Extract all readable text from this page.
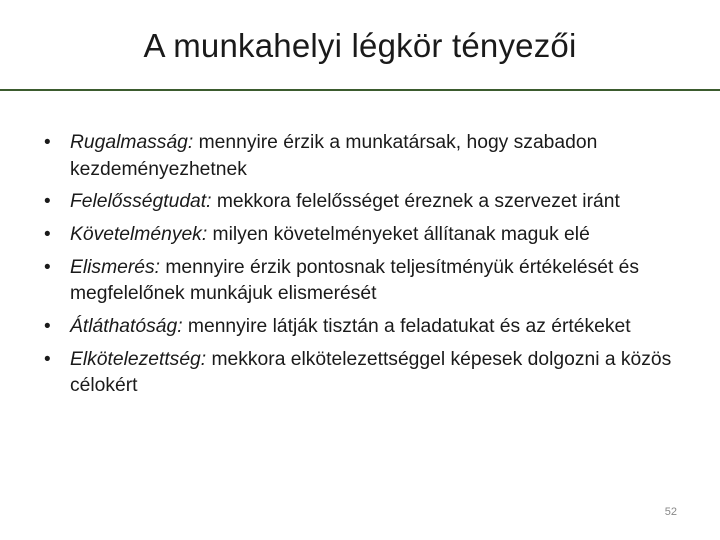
A munkahelyi légkör tényezői
•	Rugalmasság: mennyire érzik a munkatársak, hogy szabadon kezdeményezhetnek
•	Felelősségtudat: mekkora felelősséget éreznek a szervezet iránt
•	Követelmények: milyen követelményeket állítanak maguk elé
•	Elismerés: mennyire érzik pontosnak teljesítményük értékelését és megfelelőnek munkájuk elismerését
•	Átláthatóság: mennyire látják tisztán a feladatukat és az értékeket
•	Elkötelezettség: mekkora elkötelezettséggel képesek dolgozni a közös célokért
52
